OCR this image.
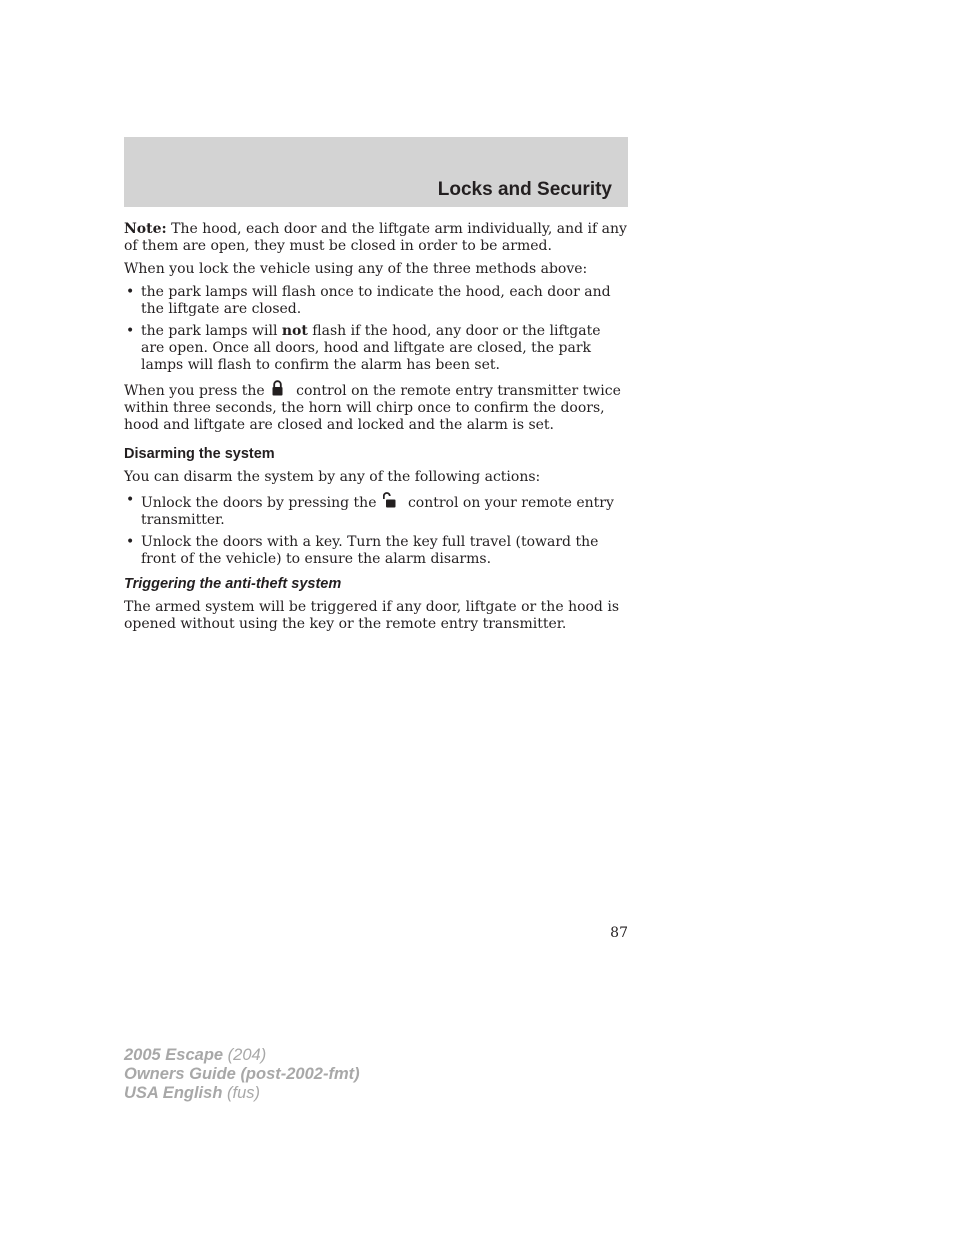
Locks and Security

Note: The hood, each door and the liftgate arm individually, and if any of them are open, they must be closed in order to be armed.

When you lock the vehicle using any of the three methods above:

• the park lamps will flash once to indicate the hood, each door and the liftgate are closed.
• the park lamps will not flash if the hood, any door or the liftgate are open. Once all doors, hood and liftgate are closed, the park lamps will flash to confirm the alarm has been set.

When you press the control on the remote entry transmitter twice within three seconds, the horn will chirp once to confirm the doors, hood and liftgate are closed and locked and the alarm is set.

Disarming the system

You can disarm the system by any of the following actions:

• Unlock the doors by pressing the control on your remote entry transmitter.
• Unlock the doors with a key. Turn the key full travel (toward the front of the vehicle) to ensure the alarm disarms.
Triggering the anti-theft system

The armed system will be triggered if any door, liftgate or the hood is opened without using the key or the remote entry transmitter.

87
2005 Escape (204)
Owners Guide (post-2002-fmt)
USA English (fus)
